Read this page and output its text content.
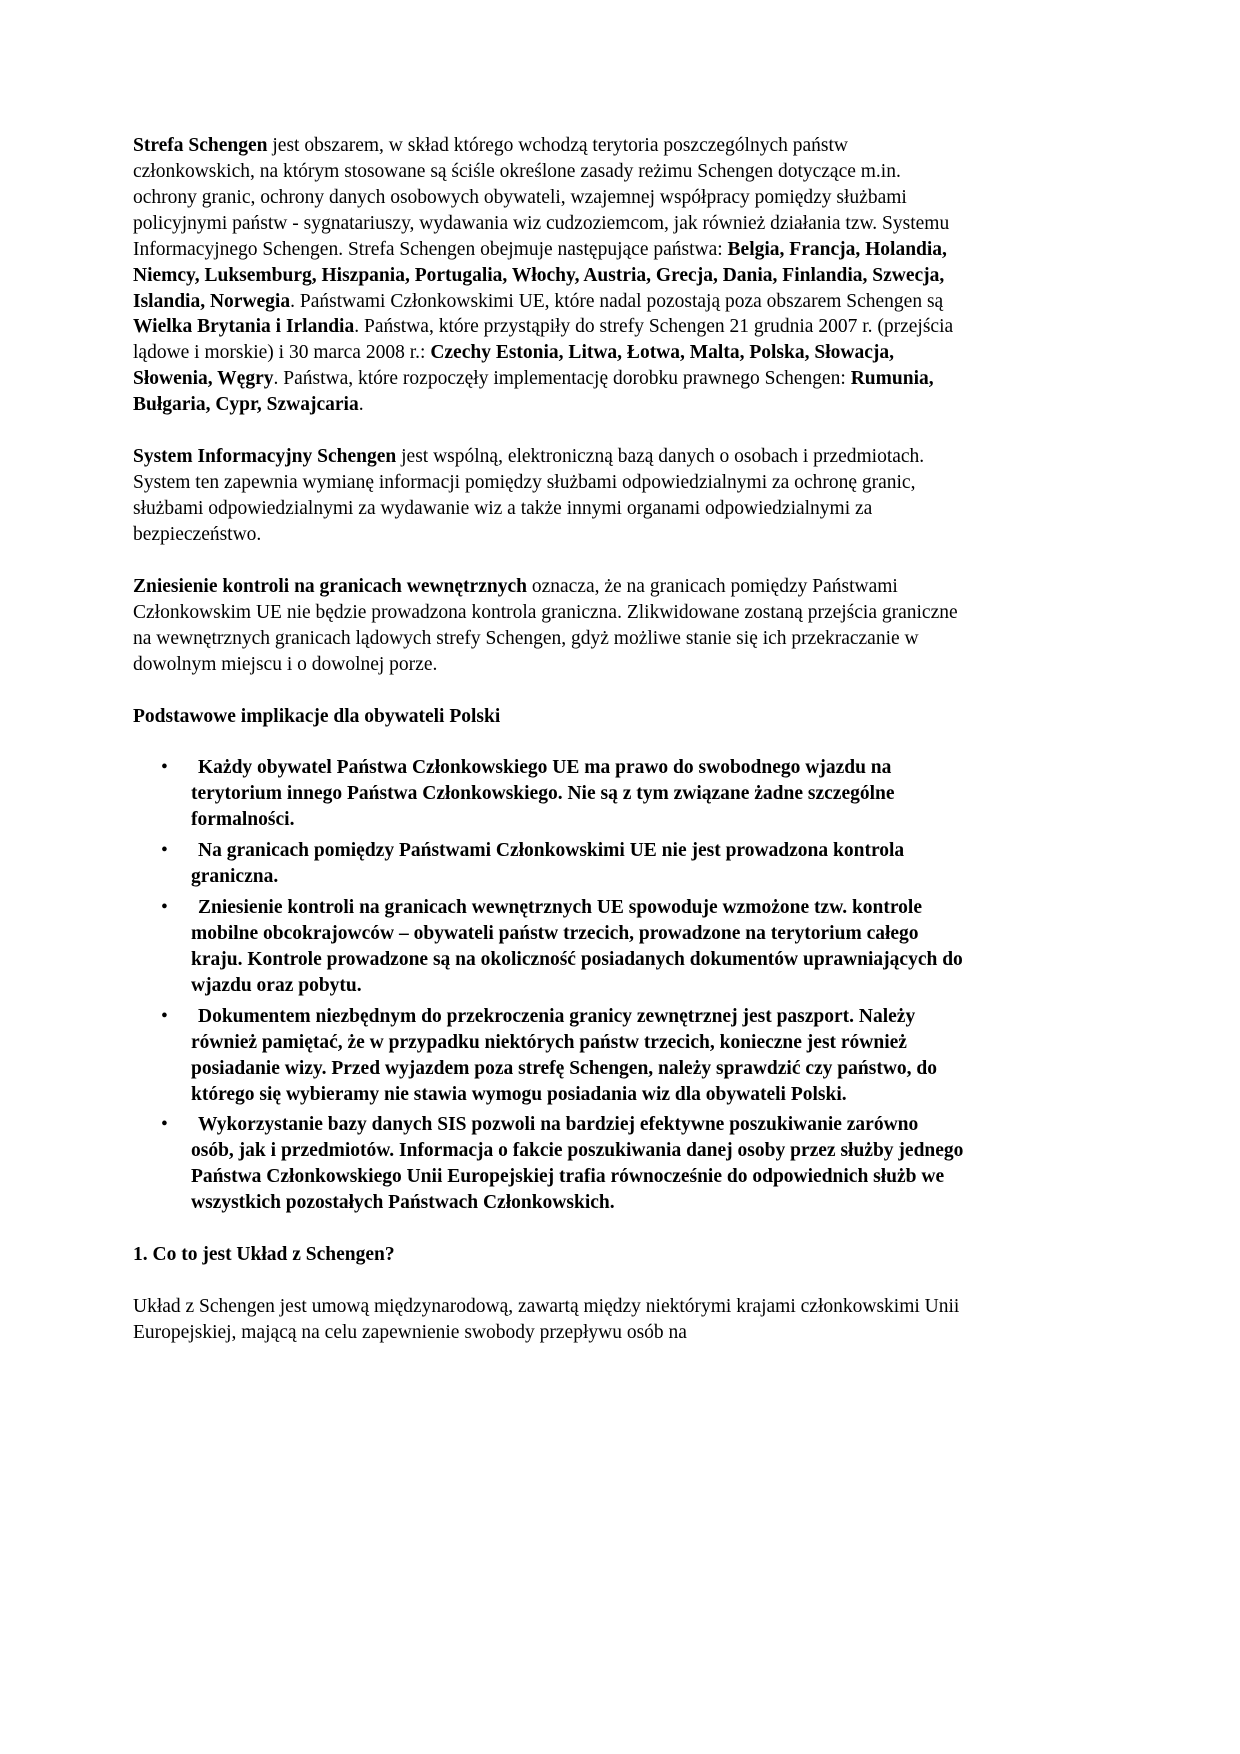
Strefa Schengen jest obszarem, w skład którego wchodzą terytoria poszczególnych państw członkowskich, na którym stosowane są ściśle określone zasady reżimu Schengen dotyczące m.in. ochrony granic, ochrony danych osobowych obywateli, wzajemnej współpracy pomiędzy służbami policyjnymi państw - sygnatariuszy, wydawania wiz cudzoziemcom, jak również działania tzw. Systemu Informacyjnego Schengen. Strefa Schengen obejmuje następujące państwa: Belgia, Francja, Holandia, Niemcy, Luksemburg, Hiszpania, Portugalia, Włochy, Austria, Grecja, Dania, Finlandia, Szwecja, Islandia, Norwegia. Państwami Członkowskimi UE, które nadal pozostają poza obszarem Schengen są Wielka Brytania i Irlandia. Państwa, które przystąpiły do strefy Schengen 21 grudnia 2007 r. (przejścia lądowe i morskie) i 30 marca 2008 r.: Czechy Estonia, Litwa, Łotwa, Malta, Polska, Słowacja, Słowenia, Węgry. Państwa, które rozpoczęły implementację dorobku prawnego Schengen: Rumunia, Bułgaria, Cypr, Szwajcaria.

System Informacyjny Schengen jest wspólną, elektroniczną bazą danych o osobach i przedmiotach. System ten zapewnia wymianę informacji pomiędzy służbami odpowiedzialnymi za ochronę granic, służbami odpowiedzialnymi za wydawanie wiz a także innymi organami odpowiedzialnymi za bezpieczeństwo.

Zniesienie kontroli na granicach wewnętrznych oznacza, że na granicach pomiędzy Państwami Członkowskim UE nie będzie prowadzona kontrola graniczna. Zlikwidowane zostaną przejścia graniczne na wewnętrznych granicach lądowych strefy Schengen, gdyż możliwe stanie się ich przekraczanie w dowolnym miejscu i o dowolnej porze.

Podstawowe implikacje dla obywateli Polski

• Każdy obywatel Państwa Członkowskiego UE ma prawo do swobodnego wjazdu na terytorium innego Państwa Członkowskiego. Nie są z tym związane żadne szczególne formalności.
• Na granicach pomiędzy Państwami Członkowskimi UE nie jest prowadzona kontrola graniczna.
• Zniesienie kontroli na granicach wewnętrznych UE spowoduje wzmożone tzw. kontrole mobilne obcokrajowców – obywateli państw trzecich, prowadzone na terytorium całego kraju. Kontrole prowadzone są na okoliczność posiadanych dokumentów uprawniających do wjazdu oraz pobytu.
• Dokumentem niezbędnym do przekroczenia granicy zewnętrznej jest paszport. Należy również pamiętać, że w przypadku niektórych państw trzecich, konieczne jest również posiadanie wizy. Przed wyjazdem poza strefę Schengen, należy sprawdzić czy państwo, do którego się wybieramy nie stawia wymogu posiadania wiz dla obywateli Polski.
• Wykorzystanie bazy danych SIS pozwoli na bardziej efektywne poszukiwanie zarówno osób, jak i przedmiotów. Informacja o fakcie poszukiwania danej osoby przez służby jednego Państwa Członkowskiego Unii Europejskiej trafia równocześnie do odpowiednich służb we wszystkich pozostałych Państwach Członkowskich.

1. Co to jest Układ z Schengen?

Układ z Schengen jest umową międzynarodową, zawartą między niektórymi krajami członkowskimi Unii Europejskiej, mającą na celu zapewnienie swobody przepływu osób na
